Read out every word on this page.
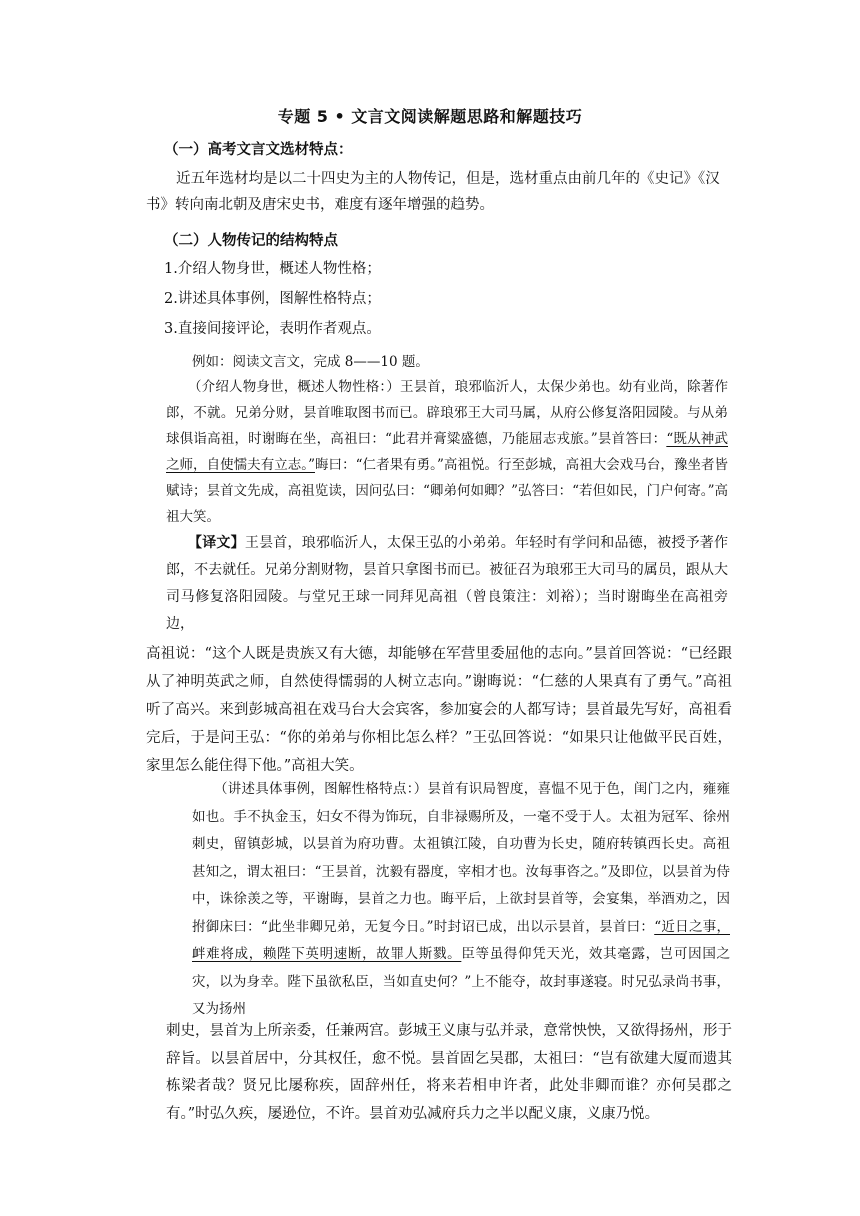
专题 5 • 文言文阅读解题思路和解题技巧
（一）高考文言文选材特点：
近五年选材均是以二十四史为主的人物传记，但是，选材重点由前几年的《史记》《汉书》转向南北朝及唐宋史书，难度有逐年增强的趋势。
（二）人物传记的结构特点
1.介绍人物身世，概述人物性格；
2.讲述具体事例，图解性格特点；
3.直接间接评论，表明作者观点。
例如：阅读文言文，完成 8——10 题。
（介绍人物身世，概述人物性格：）王昙首，琅邪临沂人，太保少弟也。幼有业尚，除著作郎，不就。兄弟分财，昙首唯取图书而已。辟琅邪王大司马属，从府公修复洛阳园陵。与从弟球俱诣高祖，时谢晦在坐，高祖曰：“此君并膏粱盛德，乃能屈志戎旅。”昙首答曰：“既从神武之师，自使懦夫有立志。”晦曰：“仁者果有勇。”高祖悦。行至彭城，高祖大会戏马台，豫坐者皆赋诗；昙首文先成，高祖览读，因问弘曰：“卿弟何如卿？”弘答曰：“若但如民，门户何寄。”高祖大笑。
【译文】王昙首，琅邪临沂人，太保王弘的小弟弟。年轻时有学问和品德，被授予著作郎，不去就任。兄弟分割财物，昙首只拿图书而已。被征召为琅邪王大司马的属员，跟从大司马修复洛阳园陵。与堂兄王球一同拜见高祖（曾良策注：刘裕）；当时谢晦坐在高祖旁边，
高祖说：“这个人既是贵族又有大德，却能够在军营里委屈他的志向。”昙首回答说：“已经跟从了神明英武之师，自然使得懦弱的人树立志向。”谢晦说：“仁慈的人果真有了勇气。”高祖听了高兴。来到彭城高祖在戏马台大会宾客，参加宴会的人都写诗；昙首最先写好，高祖看完后，于是问王弘：“你的弟弟与你相比怎么样？”王弘回答说：“如果只让他做平民百姓，家里怎么能住得下他。”高祖大笑。
（讲述具体事例，图解性格特点：）昙首有识局智度，喜愠不见于色，闺门之内，雍雍如也。手不执金玉，妇女不得为饰玩，自非禄赐所及，一毫不受于人。太祖为冠军、徐州刺史，留镇彭城，以昙首为府功曹。太祖镇江陵，自功曹为长史，随府转镇西长史。高祖甚知之，谓太祖曰：“王昙首，沈毅有器度，宰相才也。汝每事咨之。”及即位，以昙首为侍中，诛徐羡之等，平谢晦，昙首之力也。晦平后，上欲封昙首等，会宴集，举酒劝之，因拊御床曰：“此坐非卿兄弟，无复今日。”时封诏已成，出以示昙首，昙首曰：“近日之事，衅难将成，赖陛下英明速断，故罪人斯戮。臣等虽得仰凭天光，效其毫露，岂可因国之灾，以为身幸。陛下虽欲私臣，当如直史何？”上不能夺，故封事遂寝。时兄弘录尚书事，又为扬州
刺史，昙首为上所亲委，任兼两宫。彭城王义康与弘并录，意常怏怏，又欲得扬州，形于辞旨。以昙首居中，分其权任，愈不悦。昙首固乞吴郡，太祖曰：“岂有欲建大厦而遗其栋梁者哉？贤兄比屡称疾，固辞州任，将来若相申许者，此处非卿而谁？亦何吴郡之有。”时弘久疾，屡逊位，不许。昙首劝弘减府兵力之半以配义康，义康乃悦。
